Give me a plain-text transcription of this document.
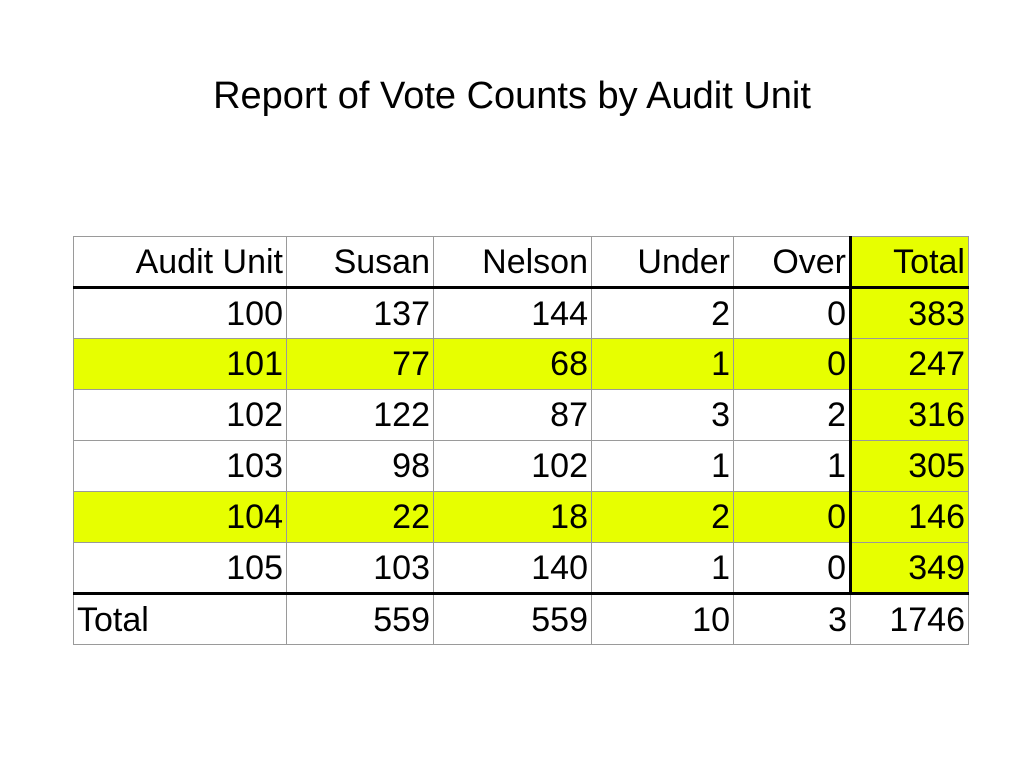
Report of Vote Counts by Audit Unit
Audit Unit	Susan	Nelson	Under	Over	Total
100	137	144	2	0	383
101	77	68	1	0	247
102	122	87	3	2	316
103	98	102	1	1	305
104	22	18	2	0	146
105	103	140	1	0	349
Total	559	559	10	3	1746
